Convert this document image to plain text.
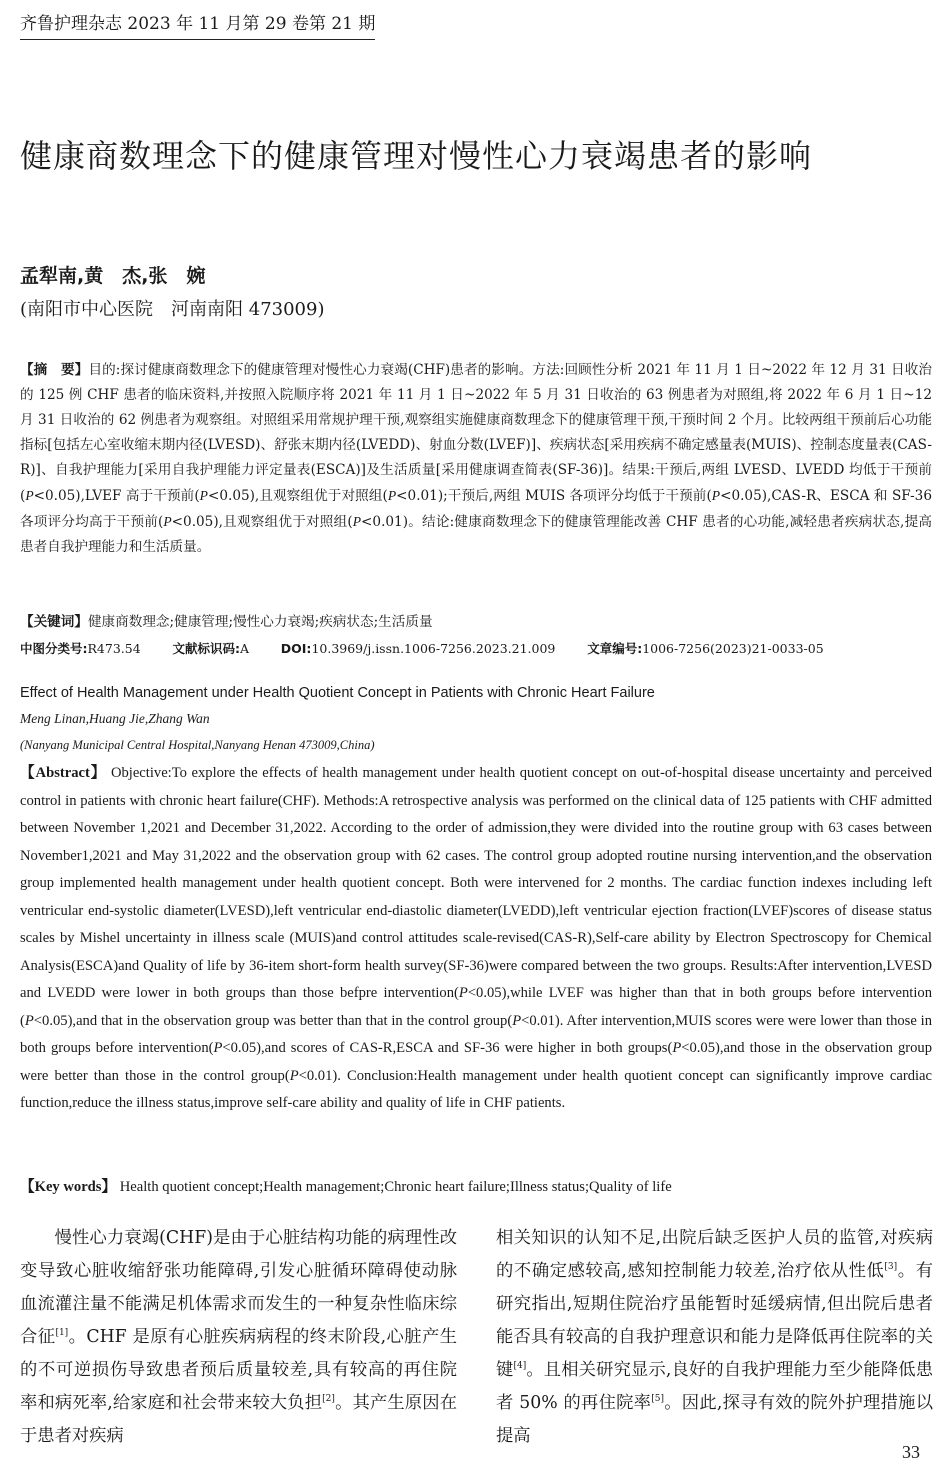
齐鲁护理杂志 2023 年 11 月第 29 卷第 21 期
健康商数理念下的健康管理对慢性心力衰竭患者的影响
孟犁南,黄　杰,张　婉
(南阳市中心医院　河南南阳 473009)
【摘　要】目的:探讨健康商数理念下的健康管理对慢性心力衰竭(CHF)患者的影响。方法:回顾性分析 2021 年 11 月 1 日~2022 年 12 月 31 日收治的 125 例 CHF 患者的临床资料,并按照入院顺序将 2021 年 11 月 1 日~2022 年 5 月 31 日收治的 63 例患者为对照组,将 2022 年 6 月 1 日~12 月 31 日收治的 62 例患者为观察组。对照组采用常规护理干预,观察组实施健康商数理念下的健康管理干预,干预时间 2 个月。比较两组干预前后心功能指标[包括左心室收缩末期内径(LVESD)、舒张末期内径(LVEDD)、射血分数(LVEF)]、疾病状态[采用疾病不确定感量表(MUIS)、控制态度量表(CAS-R)]、自我护理能力[采用自我护理能力评定量表(ESCA)]及生活质量[采用健康调查简表(SF-36)]。结果:干预后,两组 LVESD、LVEDD 均低于干预前(P<0.05),LVEF 高于干预前(P<0.05),且观察组优于对照组(P<0.01);干预后,两组 MUIS 各项评分均低于干预前(P<0.05),CAS-R、ESCA 和 SF-36 各项评分均高于干预前(P<0.05),且观察组优于对照组(P<0.01)。结论:健康商数理念下的健康管理能改善 CHF 患者的心功能,减轻患者疾病状态,提高患者自我护理能力和生活质量。
【关键词】健康商数理念;健康管理;慢性心力衰竭;疾病状态;生活质量
中图分类号:R473.54	文献标识码:A	DOI:10.3969/j.issn.1006-7256.2023.21.009	文章编号:1006-7256(2023)21-0033-05
Effect of Health Management under Health Quotient Concept in Patients with Chronic Heart Failure
Meng Linan,Huang Jie,Zhang Wan
(Nanyang Municipal Central Hospital,Nanyang Henan 473009,China)
【Abstract】 Objective:To explore the effects of health management under health quotient concept on out-of-hospital disease uncertainty and perceived control in patients with chronic heart failure(CHF). Methods:A retrospective analysis was performed on the clinical data of 125 patients with CHF admitted between November 1,2021 and December 31,2022. According to the order of admission,they were divided into the routine group with 63 cases between November1,2021 and May 31,2022 and the observation group with 62 cases. The control group adopted routine nursing intervention,and the observation group implemented health management under health quotient concept. Both were intervened for 2 months. The cardiac function indexes including left ventricular end-systolic diameter(LVESD),left ventricular end-diastolic diameter(LVEDD),left ventricular ejection fraction(LVEF)scores of disease status scales by Mishel uncertainty in illness scale (MUIS)and control attitudes scale-revised(CAS-R),Self-care ability by Electron Spectroscopy for Chemical Analysis(ESCA)and Quality of life by 36-item short-form health survey(SF-36)were compared between the two groups. Results:After intervention,LVESD and LVEDD were lower in both groups than those befpre intervention(P<0.05),while LVEF was higher than that in both groups before intervention (P<0.05),and that in the observation group was better than that in the control group(P<0.01). After intervention,MUIS scores were were lower than those in both groups before intervention(P<0.05),and scores of CAS-R,ESCA and SF-36 were higher in both groups(P<0.05),and those in the observation group were better than those in the control group(P<0.01). Conclusion:Health management under health quotient concept can significantly improve cardiac function,reduce the illness status,improve self-care ability and quality of life in CHF patients.
【Key words】 Health quotient concept;Health management;Chronic heart failure;Illness status;Quality of life
慢性心力衰竭(CHF)是由于心脏结构功能的病理性改变导致心脏收缩舒张功能障碍,引发心脏循环障碍使动脉血流灌注量不能满足机体需求而发生的一种复杂性临床综合征[1]。CHF 是原有心脏疾病病程的终末阶段,心脏产生的不可逆损伤导致患者预后质量较差,具有较高的再住院率和病死率,给家庭和社会带来较大负担[2]。其产生原因在于患者对疾病
相关知识的认知不足,出院后缺乏医护人员的监管,对疾病的不确定感较高,感知控制能力较差,治疗依从性低[3]。有研究指出,短期住院治疗虽能暂时延缓病情,但出院后患者能否具有较高的自我护理意识和能力是降低再住院率的关键[4]。且相关研究显示,良好的自我护理能力至少能降低患者 50% 的再住院率[5]。因此,探寻有效的院外护理措施以提高
33
